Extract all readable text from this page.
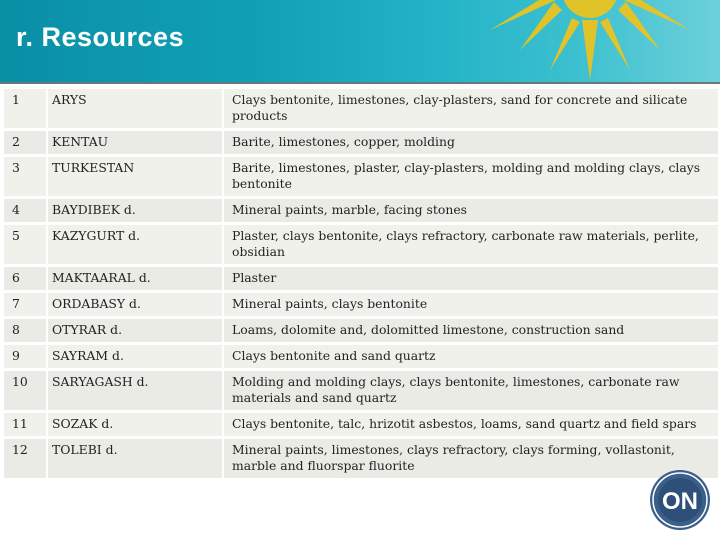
r. Resources
1		ARYS		Clays bentonite, limestones, clay-plasters, sand for concrete and silicate products
2		KENTAU		Barite, limestones, copper, molding
3		TURKESTAN		Barite, limestones, plaster, clay-plasters, molding and molding clays, clays bentonite
4		BAYDIBEK d.		Mineral paints, marble, facing stones
5		KAZYGURT d.		Plaster, clays bentonite, clays refractory, carbonate raw materials, perlite, obsidian
6		MAKTAARAL d.		Plaster
7		ORDABASY d.		Mineral paints, clays bentonite
8		OTYRAR d.		Loams, dolomite and, dolomitted limestone, construction sand
9		SAYRAM d.		Clays bentonite and sand quartz
10		SARYAGASH d.		Molding and molding clays, clays bentonite, limestones, carbonate raw materials and sand quartz
11		SOZAK d.		Clays bentonite, talc, hrizotit asbestos, loams, sand quartz and field spars
12		TOLEBI d.		Mineral paints, limestones, clays refractory, clays forming, vollastonit, marble and fluorspar fluorite
ON
